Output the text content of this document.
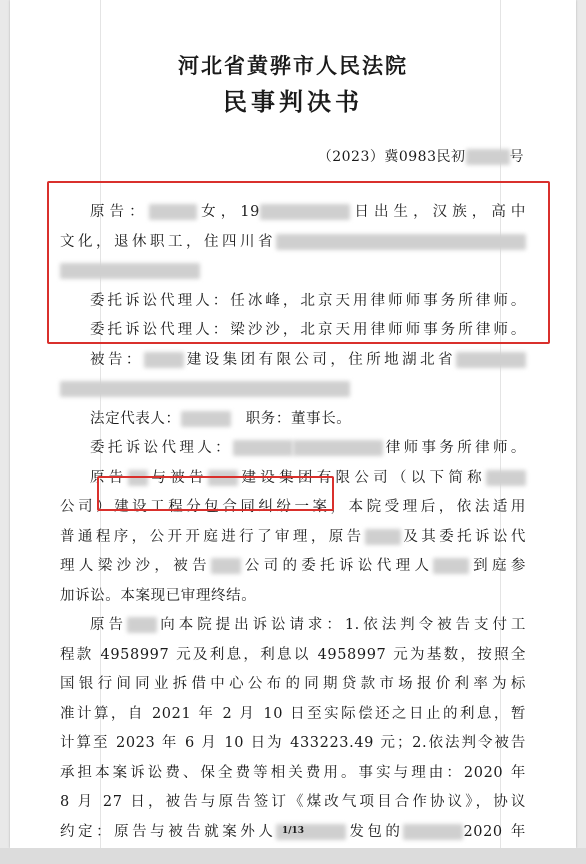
河北省黄骅市人民法院
民事判决书
（2023）冀0983民初	号
原告：	女，19	日出生，汉族，高中
文化，退休职工，住四川省
委托诉讼代理人：任冰峰，北京天用律师师事务所律师。
委托诉讼代理人：梁沙沙，北京天用律师师事务所律师。
被告：	建设集团有限公司，住所地湖北省
法定代表人：	　职务：董事长。
委托诉讼代理人：	律师事务所律师。
原告 与被告 建设集团有限公司（以下简称
公司）建设工程分包合同纠纷一案，本院受理后，依法适用
普通程序，公开开庭进行了审理，原告 及其委托诉讼代
理人梁沙沙，被告 公司的委托诉讼代理人 到庭参
加诉讼。本案现已审理终结。
原告 向本院提出诉讼请求：1.依法判令被告支付工
程款 4958997 元及利息，利息以 4958997 元为基数，按照全
国银行间同业拆借中心公布的同期贷款市场报价利率为标
准计算，自 2021 年 2 月 10 日至实际偿还之日止的利息，暂
计算至 2023 年 6 月 10 日为 433223.49 元；2.依法判令被告
承担本案诉讼费、保全费等相关费用。事实与理由：2020 年
8 月 27 日，被告与原告签订《煤改气项目合作协议》，协议
约定：原告与被告就案外人	发包的	2020 年
1/13
